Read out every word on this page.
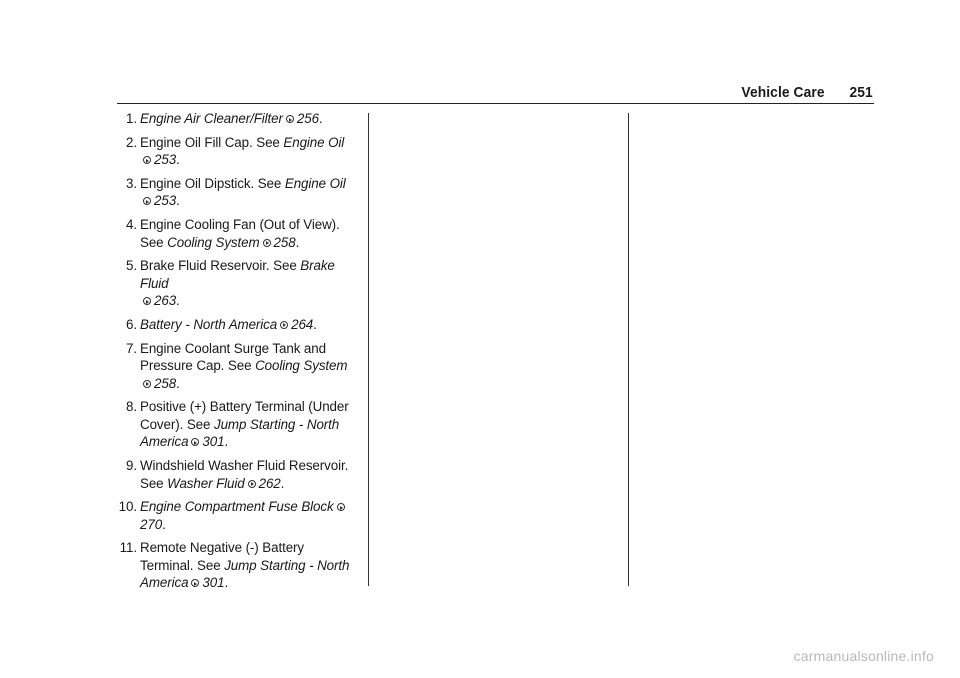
Vehicle Care 251
1. Engine Air Cleaner/Filter 256.
2. Engine Oil Fill Cap. See Engine Oil253.
3. Engine Oil Dipstick. See Engine Oil253.
4. Engine Cooling Fan (Out of View). See Cooling System 258.
5. Brake Fluid Reservoir. See Brake Fluid
263.
6. Battery - North America 264.
7. Engine Coolant Surge Tank and Pressure Cap. See Cooling System258.
8. Positive (+) Battery Terminal (Under Cover). See Jump Starting - North America 301.
9. Windshield Washer Fluid Reservoir. See Washer Fluid 262.
10. Engine Compartment Fuse Block270.
11. Remote Negative (-) Battery Terminal. See Jump Starting - North America 301.
carmanualsonline.info
